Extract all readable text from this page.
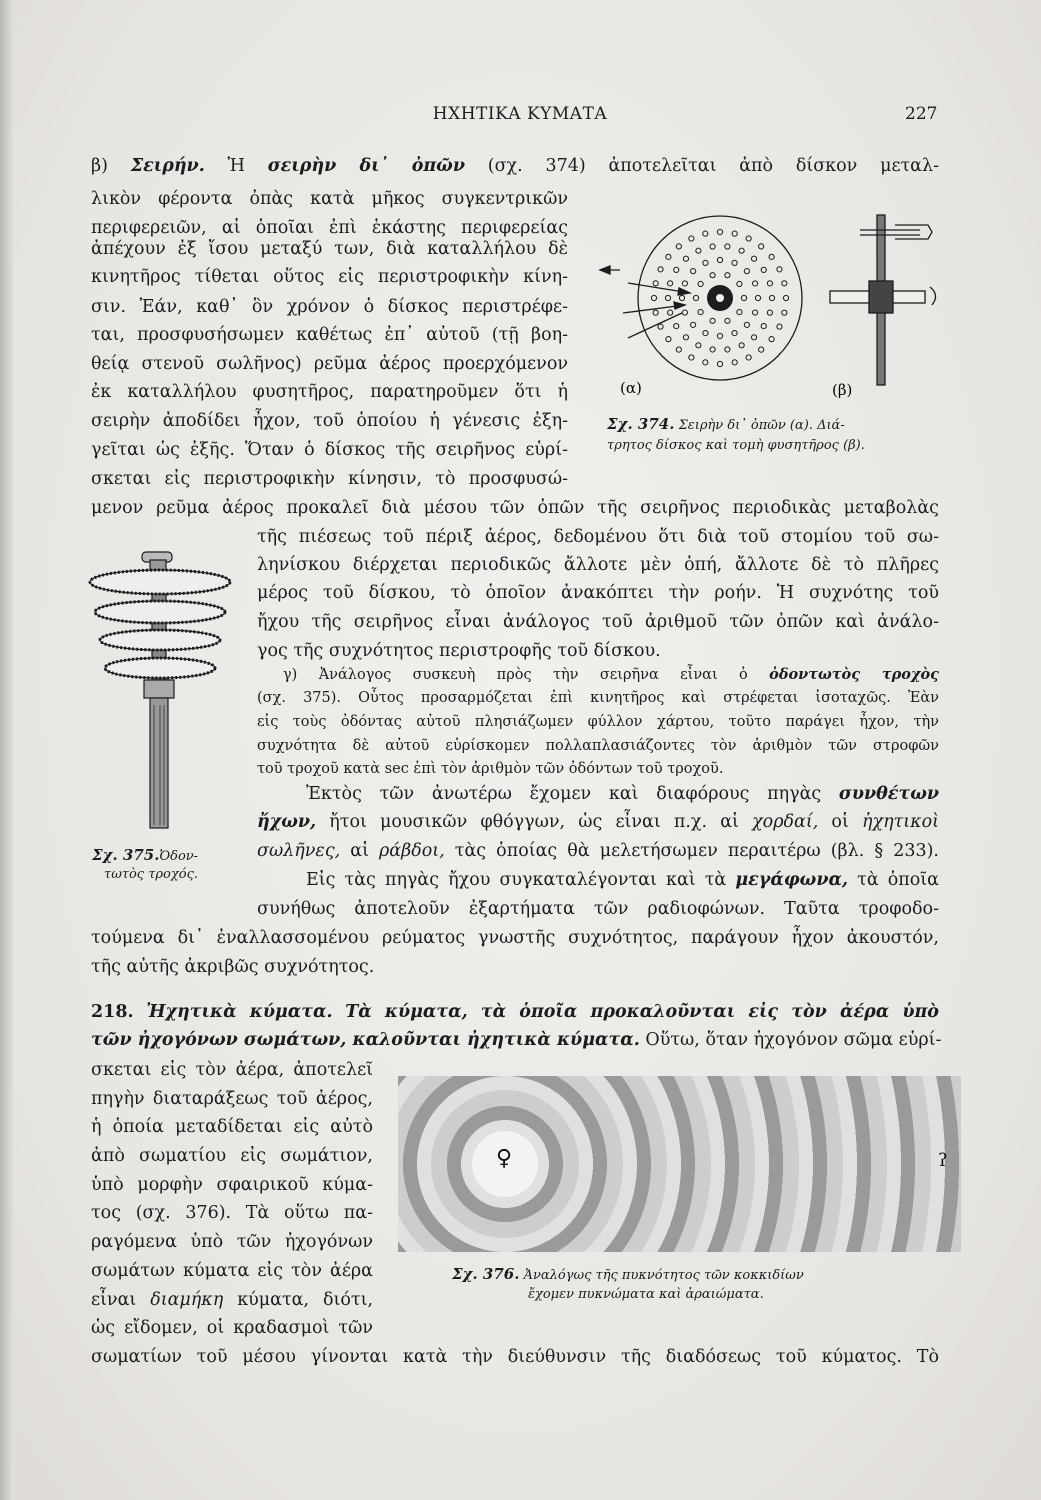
ΗΧΗΤΙΚΑ ΚΥΜΑΤΑ	227
β) Σειρήν. Ἡ σειρὴν δι᾽ ὀπῶν (σχ. 374) ἀποτελεῖται ἀπὸ δίσκον μεταλ-
λικὸν φέροντα ὀπὰς κατὰ μῆκος συγκεντρικῶν
περιφερειῶν, αἱ ὁποῖαι ἐπὶ ἑκάστης περιφερείας
ἀπέχουν ἐξ ἴσου μεταξύ των, διὰ καταλλήλου δὲ
κινητῆρος τίθεται οὕτος εἰς περιστροφικὴν κίνη-
σιν. Ἐάν, καθ᾽ ὃν χρόνον ὁ δίσκος περιστρέφε-
ται, προσφυσήσωμεν καθέτως ἐπ᾽ αὐτοῦ (τῇ βοη-
θείᾳ στενοῦ σωλῆνος) ρεῦμα ἀέρος προερχόμενον
ἐκ καταλλήλου φυσητῆρος, παρατηροῦμεν ὅτι ἡ
σειρὴν ἀποδίδει ἦχον, τοῦ ὁποίου ἡ γένεσις ἐξη-
γεῖται ὡς ἑξῆς. Ὅταν ὁ δίσκος τῆς σειρῆνος εὑρί-
σκεται εἰς περιστροφικὴν κίνησιν, τὸ προσφυσώ-
μενον ρεῦμα ἀέρος προκαλεῖ διὰ μέσου τῶν ὀπῶν τῆς σειρῆνος περιοδικὰς μεταβολὰς
τῆς πιέσεως τοῦ πέριξ ἀέρος, δεδομένου ὅτι διὰ τοῦ στομίου τοῦ σω-
ληνίσκου διέρχεται περιοδικῶς ἄλλοτε μὲν ὀπή, ἄλλοτε δὲ τὸ πλῆρες
μέρος τοῦ δίσκου, τὸ ὁποῖον ἀνακόπτει τὴν ροήν. Ἡ συχνότης τοῦ
ἤχου τῆς σειρῆνος εἶναι ἀνάλογος τοῦ ἀριθμοῦ τῶν ὀπῶν καὶ ἀνάλο-
γος τῆς συχνότητος περιστροφῆς τοῦ δίσκου.
γ) Ἀνάλογος συσκευὴ πρὸς τὴν σειρῆνα εἶναι ὁ ὀδοντωτὸς τροχὸς
(σχ. 375). Οὗτος προσαρμόζεται ἐπὶ κινητῆρος καὶ στρέφεται ἰσοταχῶς. Ἐὰν
εἰς τοὺς ὀδόντας αὐτοῦ πλησιάζωμεν φύλλον χάρτου, τοῦτο παράγει ἦχον, τὴν
συχνότητα δὲ αὐτοῦ εὑρίσκομεν πολλαπλασιάζοντες τὸν ἀριθμὸν τῶν στροφῶν
τοῦ τροχοῦ κατὰ sec ἐπὶ τὸν ἀριθμὸν τῶν ὀδόντων τοῦ τροχοῦ.
Ἐκτὸς τῶν ἀνωτέρω ἔχομεν καὶ διαφόρους πηγὰς συνθέτων
ἤχων, ἤτοι μουσικῶν φθόγγων, ὡς εἶναι π.χ. αἱ χορδαί, οἱ ἠχητικοὶ
σωλῆνες, αἱ ράβδοι, τὰς ὁποίας θὰ μελετήσωμεν περαιτέρω (βλ. § 233).
Εἰς τὰς πηγὰς ἤχου συγκαταλέγονται καὶ τὰ μεγάφωνα, τὰ ὁποῖα
συνήθως ἀποτελοῦν ἐξαρτήματα τῶν ραδιοφώνων. Ταῦτα τροφοδο-
τούμενα δι᾽ ἐναλλασσομένου ρεύματος γνωστῆς συχνότητος, παράγουν ἦχον ἀκουστόν,
τῆς αὐτῆς ἀκριβῶς συχνότητος.
218. Ἠχητικὰ κύματα. Τὰ κύματα, τὰ ὁποῖα προκαλοῦνται εἰς τὸν ἀέρα ὑπὸ
τῶν ἠχογόνων σωμάτων, καλοῦνται ἠχητικὰ κύματα. Οὕτω, ὅταν ἠχογόνον σῶμα εὑρί-
σκεται εἰς τὸν ἀέρα, ἀποτελεῖ
πηγὴν διαταράξεως τοῦ ἀέρος,
ἡ ὁποία μεταδίδεται εἰς αὐτὸ
ἀπὸ σωματίου εἰς σωμάτιον,
ὑπὸ μορφὴν σφαιρικοῦ κύμα-
τος (σχ. 376). Τὰ οὕτω πα-
ραγόμενα ὑπὸ τῶν ἠχογόνων
σωμάτων κύματα εἰς τὸν ἀέρα
εἶναι διαμήκη κύματα, διότι,
ὡς εἴδομεν, οἱ κραδασμοὶ τῶν
σωματίων τοῦ μέσου γίνονται κατὰ τὴν διεύθυνσιν τῆς διαδόσεως τοῦ κύματος. Τὸ
(α)	(β)
Σχ. 374. Σειρὴν δι᾽ ὀπῶν (α). Διά-
τρητος δίσκος καὶ τομὴ φυσητῆρος (β).
Σχ. 375.Ὀδον-
τωτὸς τροχός.
♀	ʔ
Σχ. 376. Ἀναλόγως τῆς πυκνότητος τῶν κοκκιδίων
ἔχομεν πυκνώματα καὶ ἀραιώματα.
